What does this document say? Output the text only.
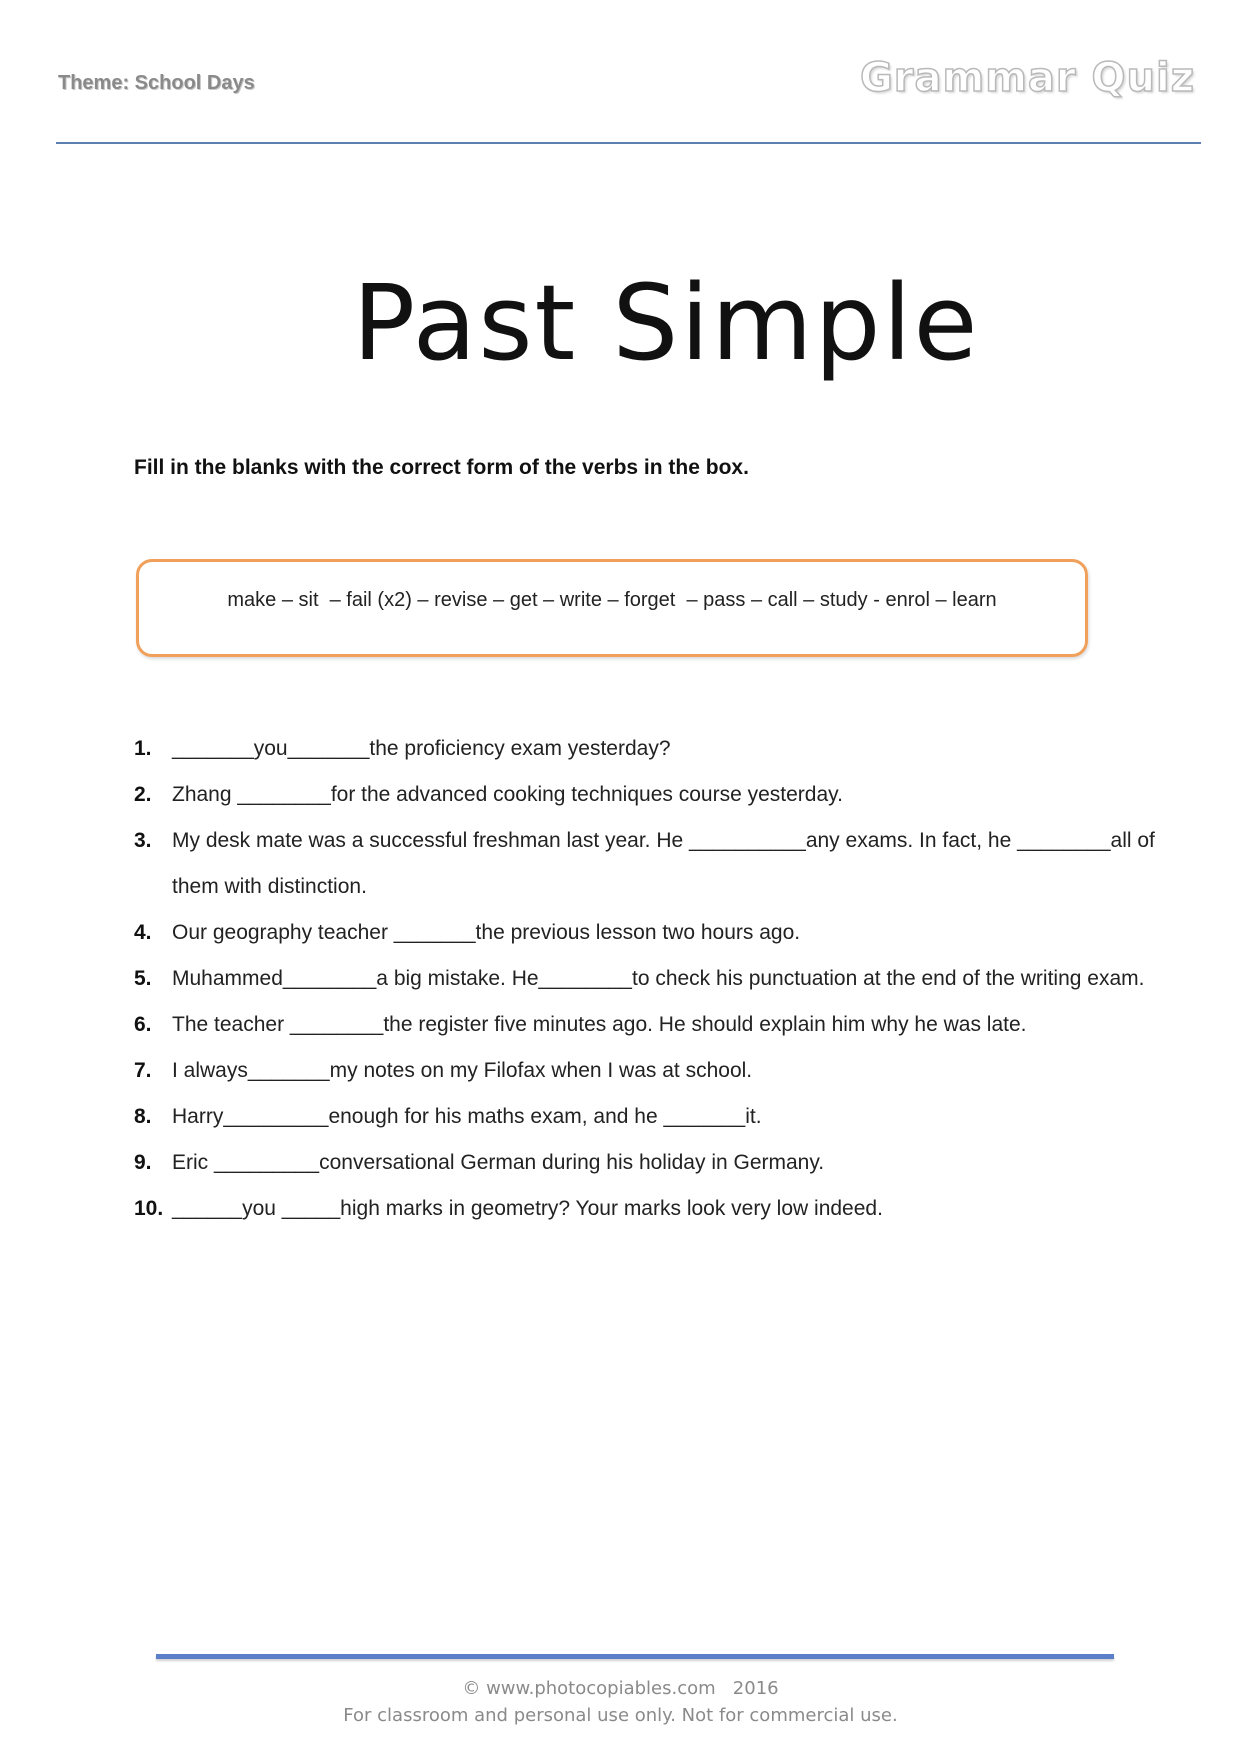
Theme: School Days	Grammar Quiz
Past Simple
Fill in the blanks with the correct form of the verbs in the box.
make – sit  – fail (x2) – revise – get – write – forget  – pass – call – study - enrol – learn
1. _______you_______the proficiency exam yesterday?
2. Zhang ________for the advanced cooking techniques course yesterday.
3. My desk mate was a successful freshman last year. He __________any exams. In fact, he ________all of them with distinction.
4. Our geography teacher _______the previous lesson two hours ago.
5. Muhammed________a big mistake. He________to check his punctuation at the end of the writing exam.
6. The teacher ________the register five minutes ago. He should explain him why he was late.
7. I always_______my notes on my Filofax when I was at school.
8. Harry_________enough for his maths exam, and he _______it.
9. Eric _________conversational German during his holiday in Germany.
10. ______you _____high marks in geometry? Your marks look very low indeed.
© www.photocopiables.com   2016
For classroom and personal use only. Not for commercial use.
